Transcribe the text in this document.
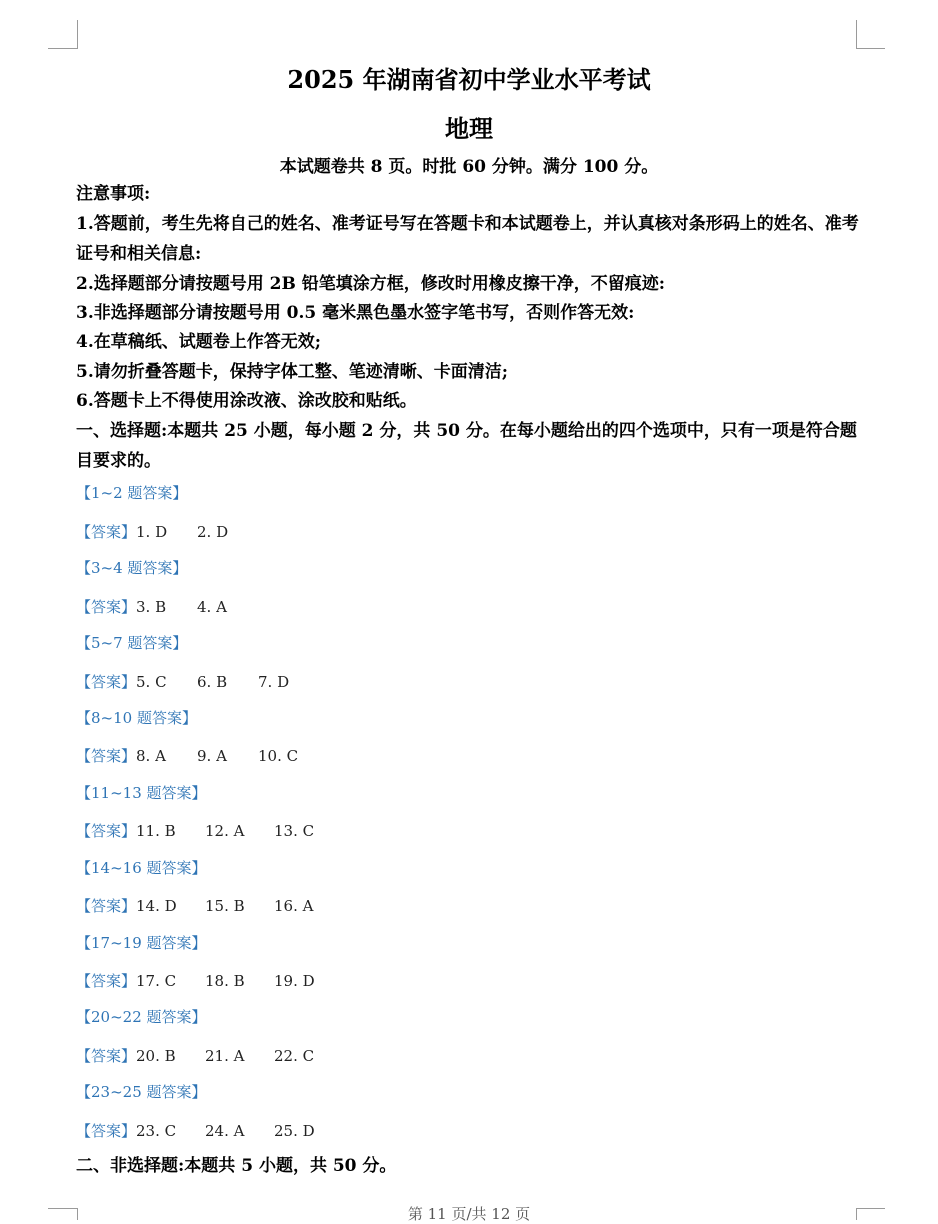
2025 年湖南省初中学业水平考试
地理
本试题卷共 8 页。时批 60 分钟。满分 100 分。
注意事项:
1.答题前，考生先将自己的姓名、准考证号写在答题卡和本试题卷上，并认真核对条形码上的姓名、准考证号和相关信息:
2.选择题部分请按题号用 2B 铅笔填涂方框，修改时用橡皮擦干净，不留痕迹:
3.非选择题部分请按题号用 0.5 毫米黑色墨水签字笔书写，否则作答无效:
4.在草稿纸、试题卷上作答无效;
5.请勿折叠答题卡，保持字体工整、笔迹清晰、卡面清洁;
6.答题卡上不得使用涂改液、涂改胶和贴纸。
一、选择题:本题共 25 小题，每小题 2 分，共 50 分。在每小题给出的四个选项中，只有一项是符合题目要求的。
【1~2 题答案】
【答案】1. D 2. D
【3~4 题答案】
【答案】3. B 4. A
【5~7 题答案】
【答案】5. C 6. B 7. D
【8~10 题答案】
【答案】8. A 9. A 10. C
【11~13 题答案】
【答案】11. B 12. A 13. C
【14~16 题答案】
【答案】14. D 15. B 16. A
【17~19 题答案】
【答案】17. C 18. B 19. D
【20~22 题答案】
【答案】20. B 21. A 22. C
【23~25 题答案】
【答案】23. C 24. A 25. D
二、非选择题:本题共 5 小题，共 50 分。
第 11 页/共 12 页
